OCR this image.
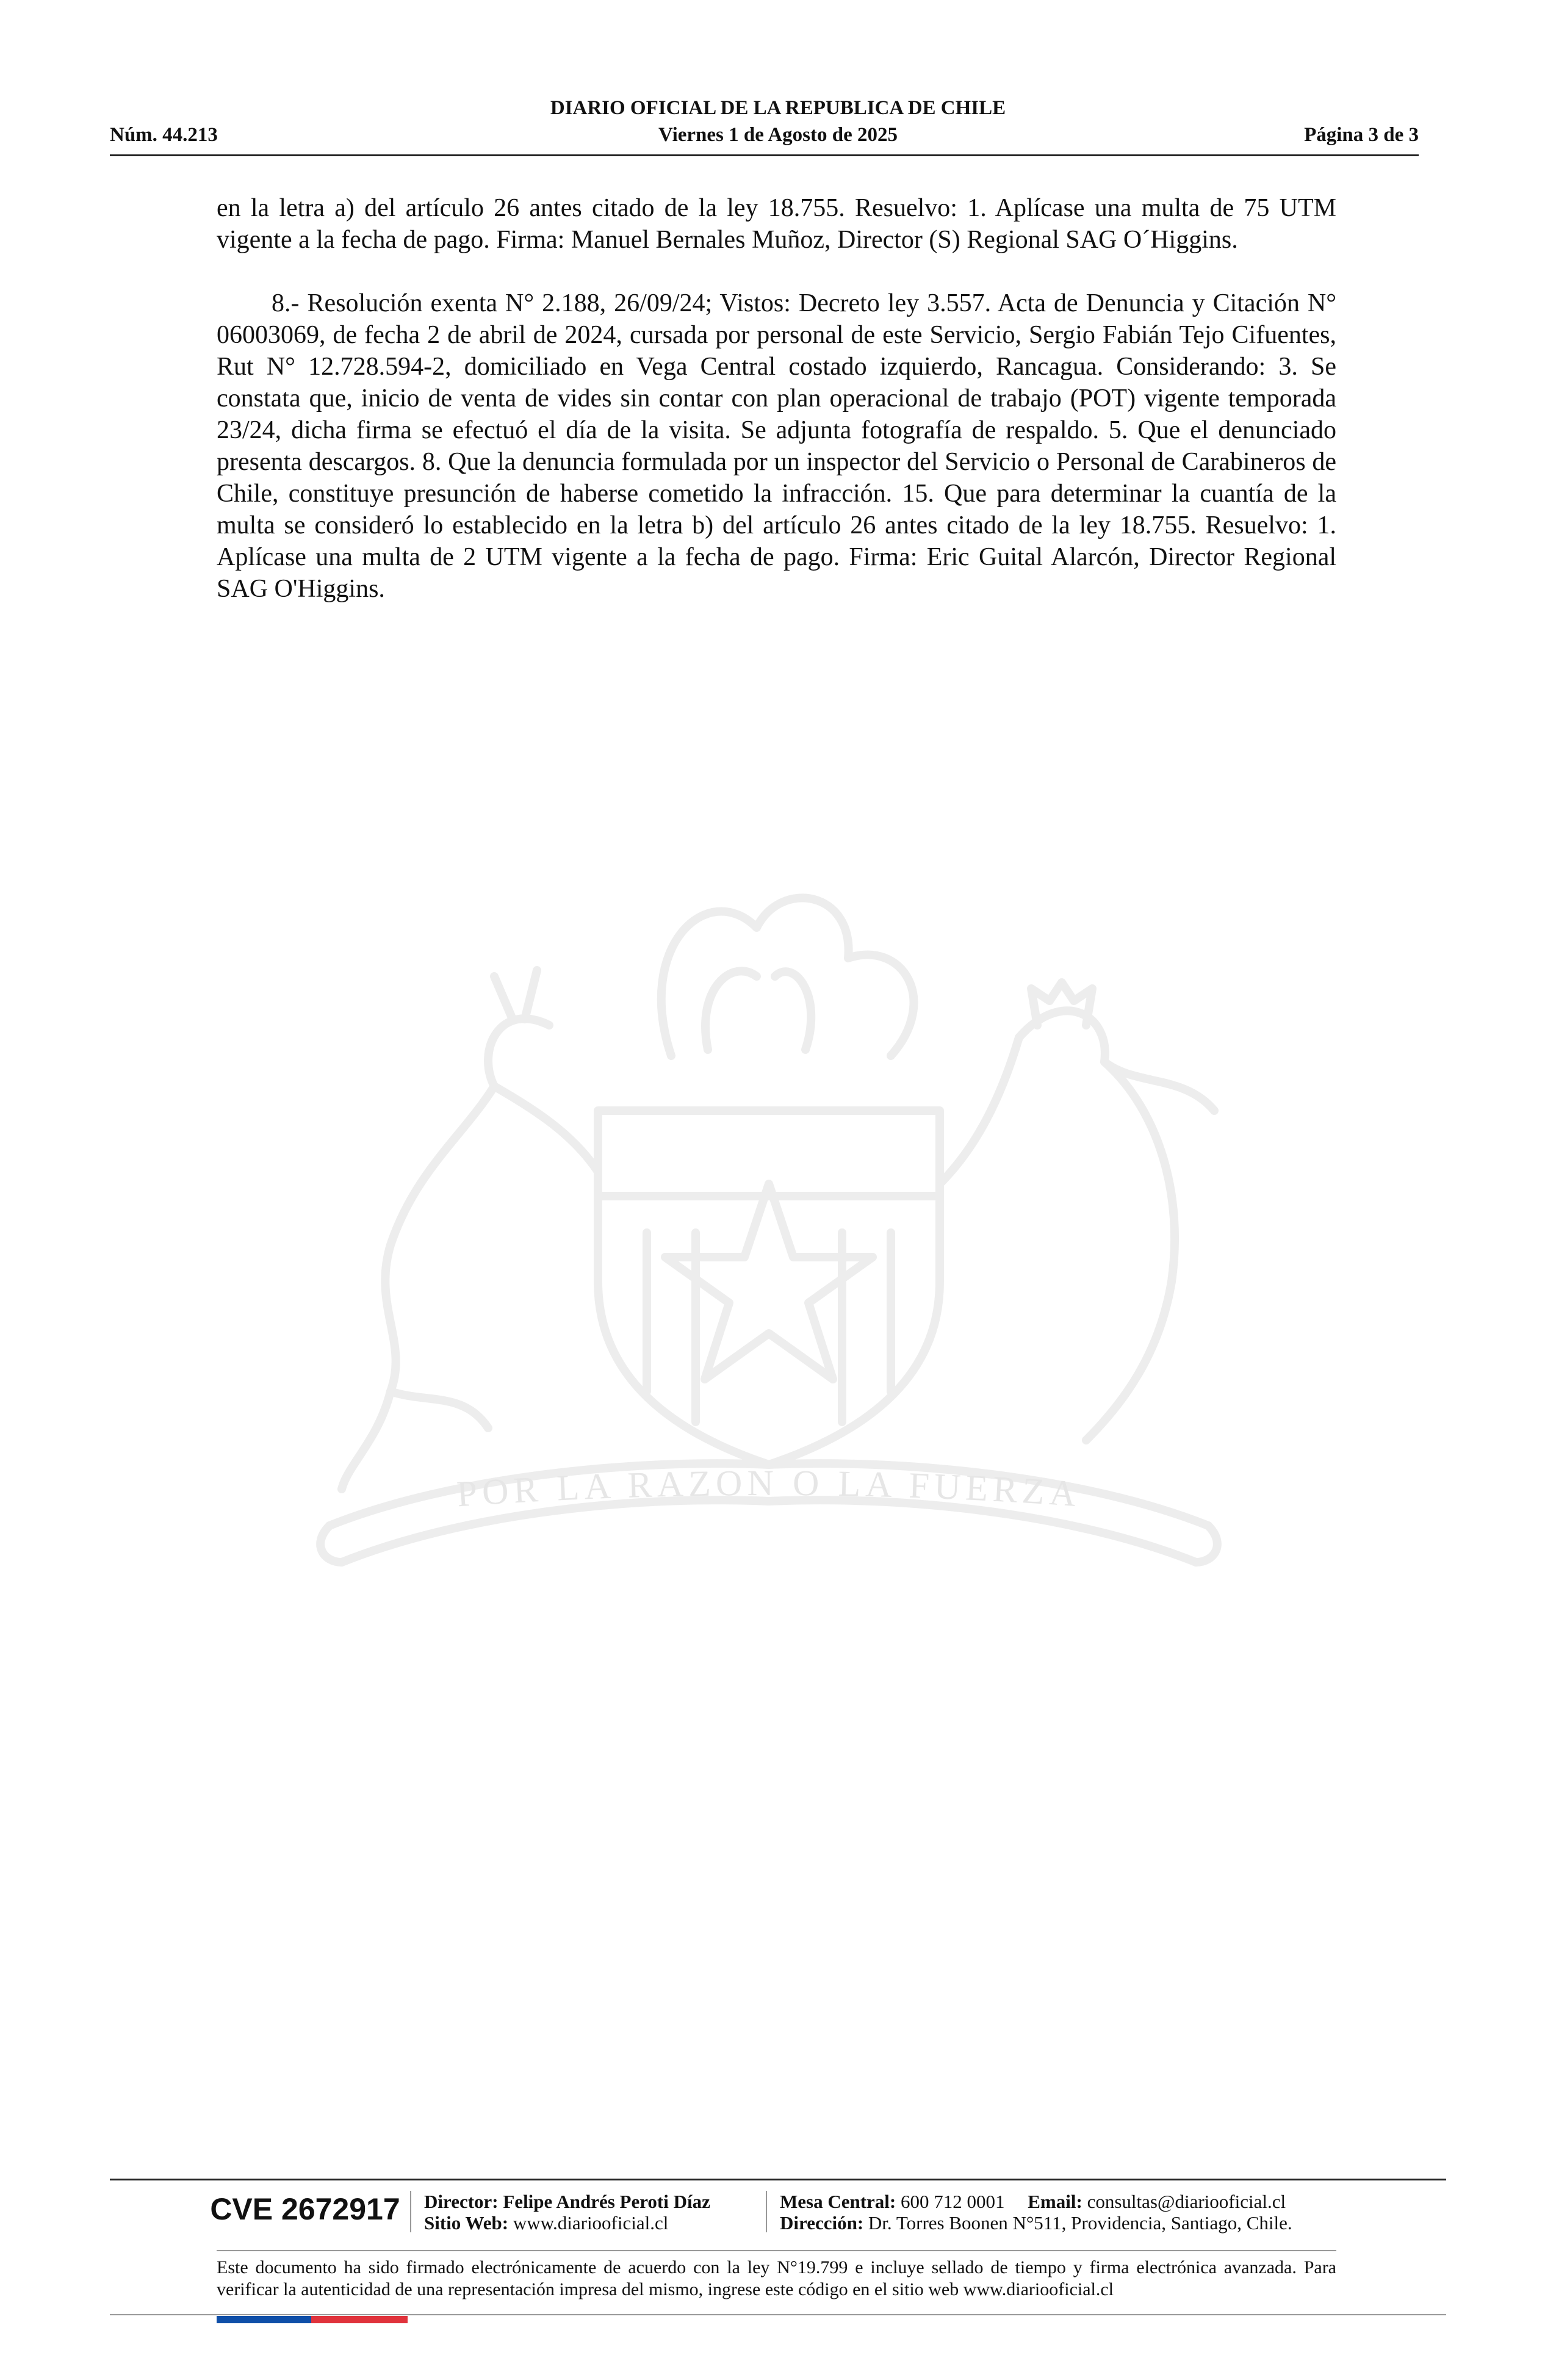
DIARIO OFICIAL DE LA REPUBLICA DE CHILE
Viernes 1 de Agosto de 2025
Núm. 44.213	Página 3 de 3
POR LA RAZON O LA FUERZA

en la letra a) del artículo 26 antes citado de la ley 18.755. Resuelvo: 1. Aplícase una multa de 75 UTM vigente a la fecha de pago. Firma: Manuel Bernales Muñoz, Director (S) Regional SAG O´Higgins.

8.- Resolución exenta N° 2.188, 26/09/24; Vistos: Decreto ley 3.557. Acta de Denuncia y Citación N° 06003069, de fecha 2 de abril de 2024, cursada por personal de este Servicio, Sergio Fabián Tejo Cifuentes, Rut N° 12.728.594-2, domiciliado en Vega Central costado izquierdo, Rancagua. Considerando: 3. Se constata que, inicio de venta de vides sin contar con plan operacional de trabajo (POT) vigente temporada 23/24, dicha firma se efectuó el día de la visita. Se adjunta fotografía de respaldo. 5. Que el denunciado presenta descargos. 8. Que la denuncia formulada por un inspector del Servicio o Personal de Carabineros de Chile, constituye presunción de haberse cometido la infracción. 15. Que para determinar la cuantía de la multa se consideró lo establecido en la letra b) del artículo 26 antes citado de la ley 18.755. Resuelvo: 1. Aplícase una multa de 2 UTM vigente a la fecha de pago. Firma: Eric Guital Alarcón, Director Regional SAG O'Higgins.

CVE 2672917 Director: Felipe Andrés Peroti Díaz
Sitio Web: www.diariooficial.cl
Mesa Central: 600 712 0001 Email: consultas@diariooficial.cl
Dirección: Dr. Torres Boonen N°511, Providencia, Santiago, Chile.
Este documento ha sido firmado electrónicamente de acuerdo con la ley N°19.799 e incluye sellado de tiempo y firma electrónica avanzada. Para verificar la autenticidad de una representación impresa del mismo, ingrese este código en el sitio web www.diariooficial.cl
